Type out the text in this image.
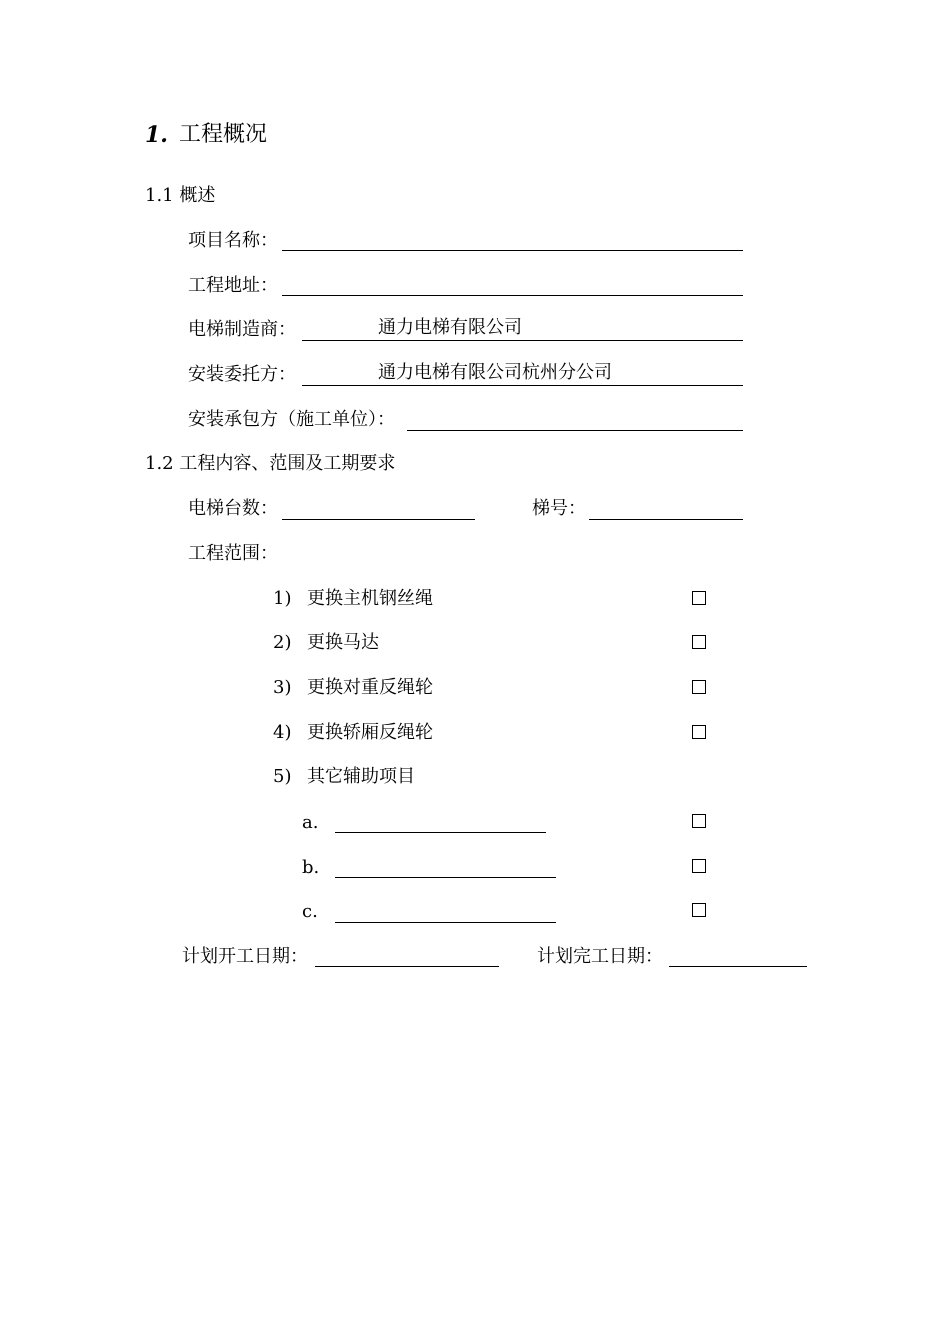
1. 工程概况
1.1 概述
项目名称：
工程地址：
电梯制造商：	通力电梯有限公司
安装委托方：	通力电梯有限公司杭州分公司
安装承包方（施工单位）：
1.2 工程内容、范围及工期要求
电梯台数：	梯号：
工程范围：
1) 更换主机钢丝绳
2) 更换马达
3) 更换对重反绳轮
4) 更换轿厢反绳轮
5) 其它辅助项目
a.
b.
c.
计划开工日期：	计划完工日期：
